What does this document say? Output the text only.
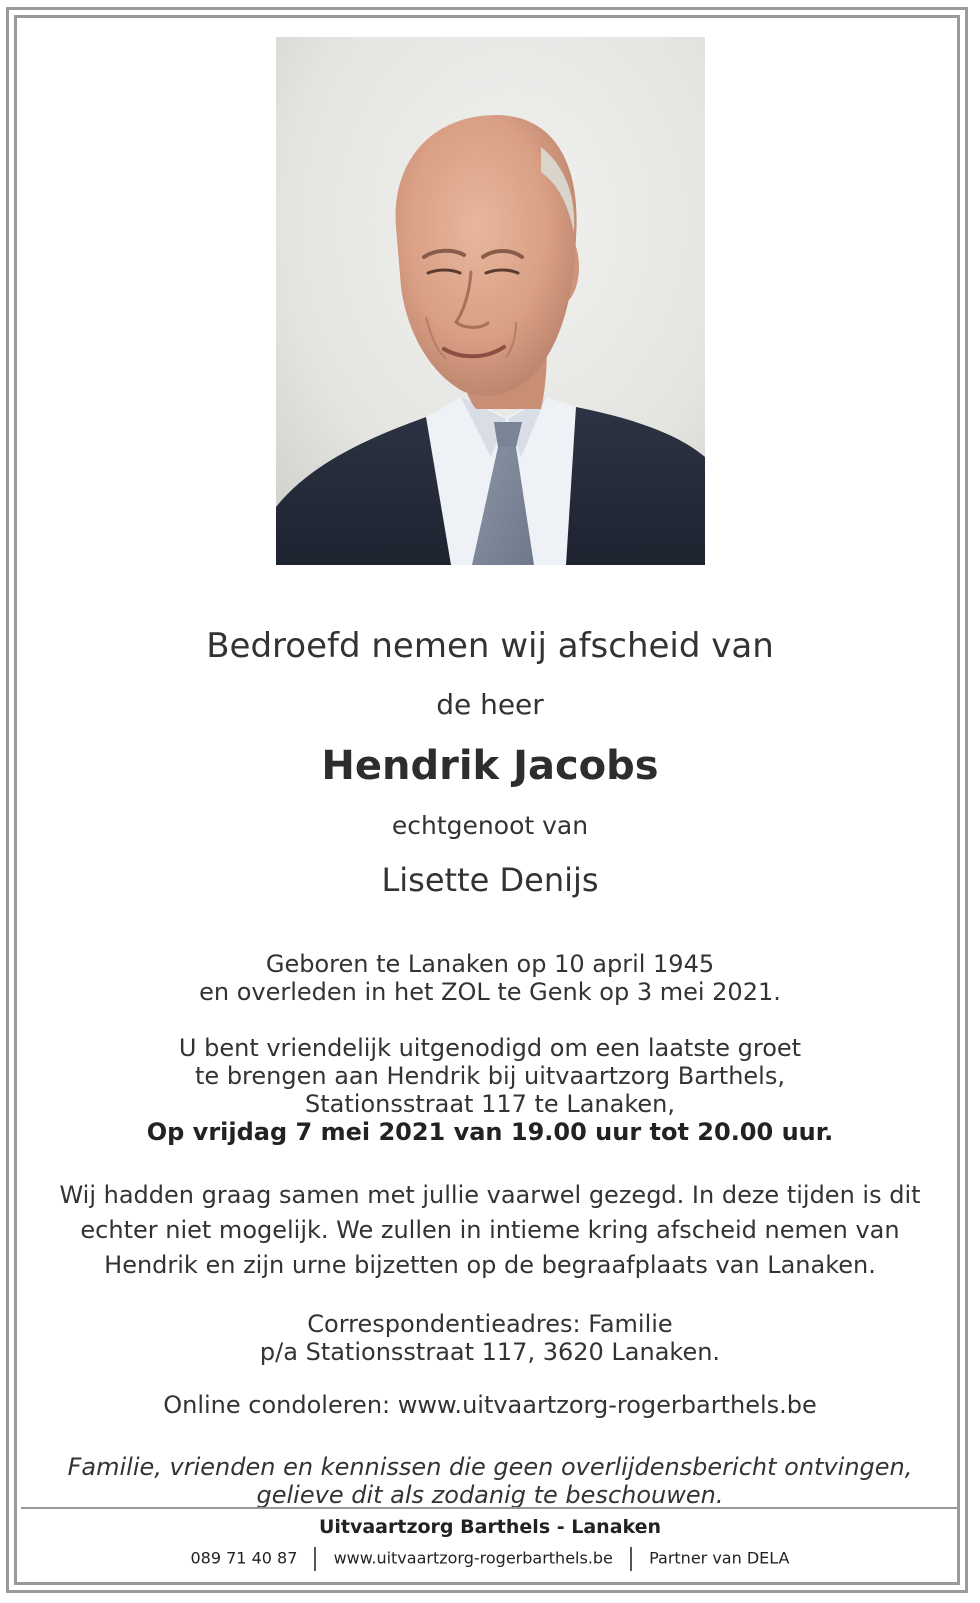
Bedroefd nemen wij afscheid van
de heer
Hendrik Jacobs
echtgenoot van
Lisette Denijs
Geboren te Lanaken op 10 april 1945
en overleden in het ZOL te Genk op 3 mei 2021.
U bent vriendelijk uitgenodigd om een laatste groet
te brengen aan Hendrik bij uitvaartzorg Barthels,
Stationsstraat 117 te Lanaken,
Op vrijdag 7 mei 2021 van 19.00 uur tot 20.00 uur.
Wij hadden graag samen met jullie vaarwel gezegd. In deze tijden is dit
echter niet mogelijk. We zullen in intieme kring afscheid nemen van
Hendrik en zijn urne bijzetten op de begraafplaats van Lanaken.
Correspondentieadres: Familie
p/a Stationsstraat 117, 3620 Lanaken.
Online condoleren: www.uitvaartzorg-rogerbarthels.be
Familie, vrienden en kennissen die geen overlijdensbericht ontvingen,
gelieve dit als zodanig te beschouwen.
Uitvaartzorg Barthels - Lanaken
089 71 40 87 www.uitvaartzorg-rogerbarthels.be Partner van DELA
